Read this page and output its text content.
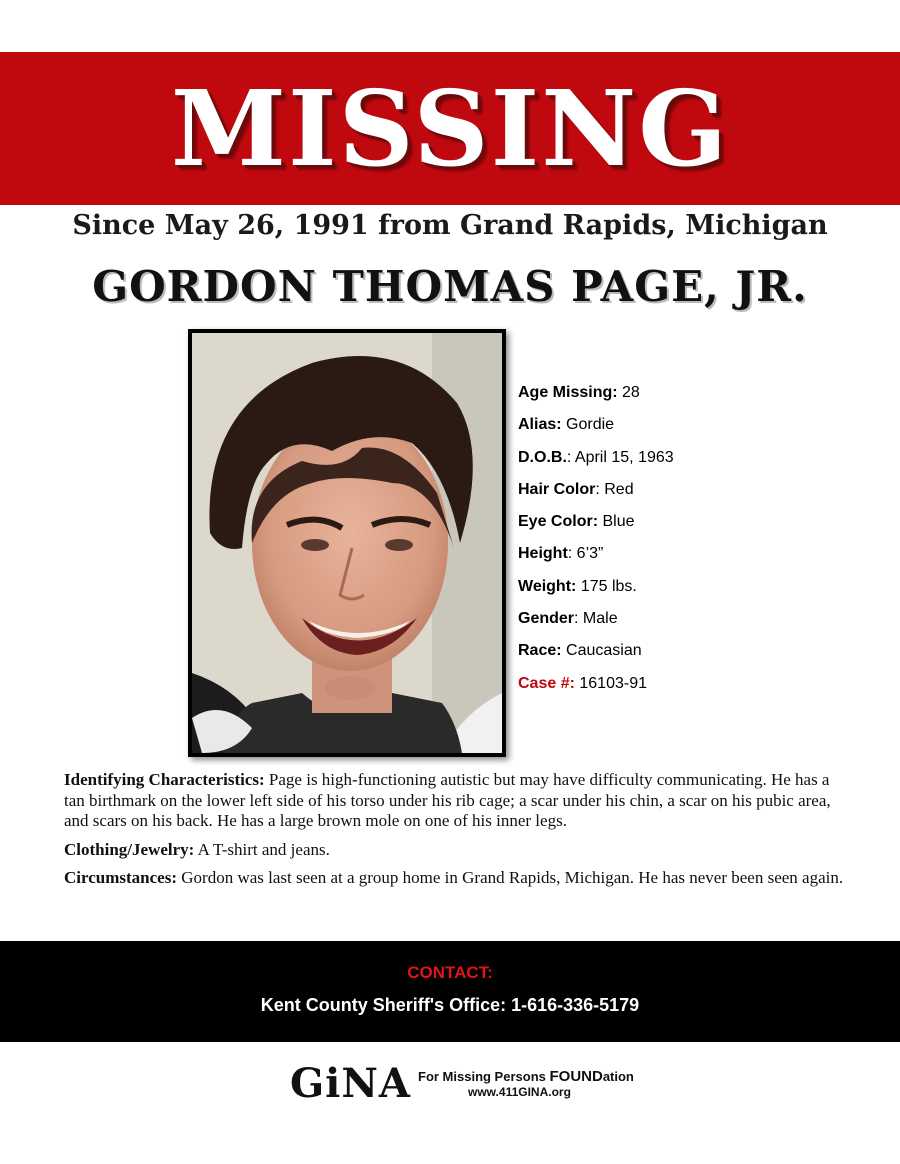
MISSING
Since May 26, 1991 from Grand Rapids, Michigan
GORDON THOMAS PAGE, JR.
Age Missing: 28
Alias: Gordie
D.O.B.: April 15, 1963
Hair Color: Red
Eye Color: Blue
Height: 6’3”
Weight: 175 lbs.
Gender: Male
Race: Caucasian
Case #: 16103-91

Identifying Characteristics: Page is high-functioning autistic but may have difficulty communicating. He has a tan birthmark on the lower left side of his torso under his rib cage; a scar under his chin, a scar on his pubic area, and scars on his back. He has a large brown mole on one of his inner legs.

Clothing/Jewelry: A T-shirt and jeans.

Circumstances: Gordon was last seen at a group home in Grand Rapids, Michigan. He has never been seen again.

CONTACT:
Kent County Sheriff's Office: 1-616-336-5179
GiNA For Missing Persons FOUNDation
www.411GINA.org
